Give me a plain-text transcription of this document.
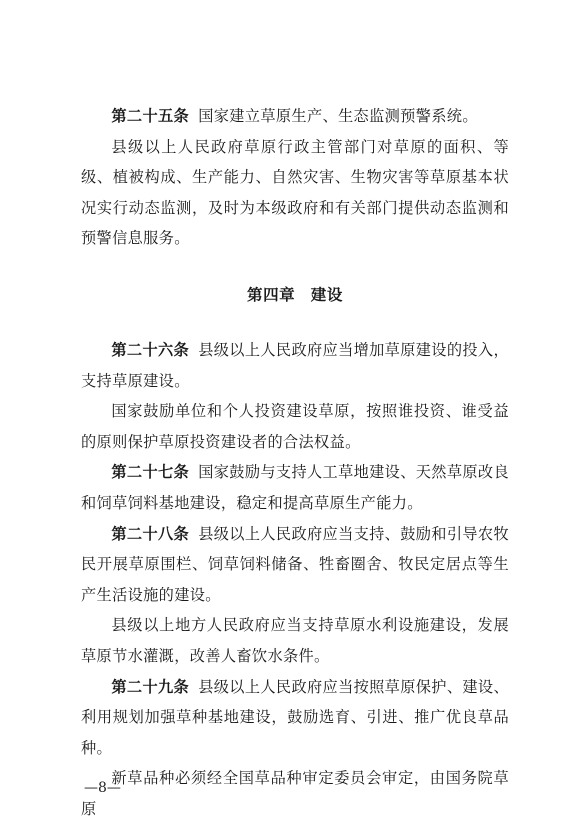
第二十五条 国家建立草原生产、生态监测预警系统。

县级以上人民政府草原行政主管部门对草原的面积、等级、植被构成、生产能力、自然灾害、生物灾害等草原基本状况实行动态监测，及时为本级政府和有关部门提供动态监测和预警信息服务。

第四章 建设

第二十六条 县级以上人民政府应当增加草原建设的投入，支持草原建设。

国家鼓励单位和个人投资建设草原，按照谁投资、谁受益的原则保护草原投资建设者的合法权益。

第二十七条 国家鼓励与支持人工草地建设、天然草原改良和饲草饲料基地建设，稳定和提高草原生产能力。

第二十八条 县级以上人民政府应当支持、鼓励和引导农牧民开展草原围栏、饲草饲料储备、牲畜圈舍、牧民定居点等生产生活设施的建设。

县级以上地方人民政府应当支持草原水利设施建设，发展草原节水灌溉，改善人畜饮水条件。

第二十九条 县级以上人民政府应当按照草原保护、建设、利用规划加强草种基地建设，鼓励选育、引进、推广优良草品种。

新草品种必须经全国草品种审定委员会审定，由国务院草原

—8—
